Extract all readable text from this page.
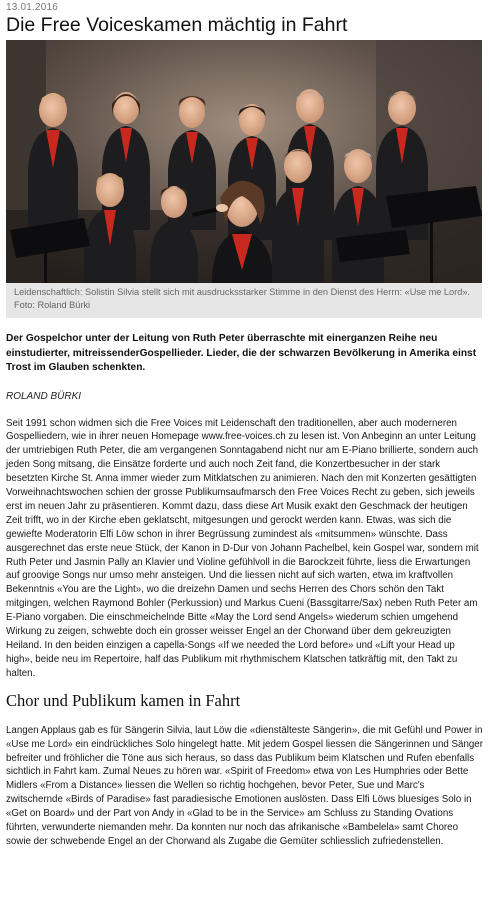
13.01.2016
Die Free Voiceskamen mächtig in Fahrt
Leidenschaftlich: Solistin Silvia stellt sich mit ausdrucksstarker Stimme in den Dienst des Herrn: «Use me Lord». Foto: Roland Bürki

Der Gospelchor unter der Leitung von Ruth Peter überraschte mit einerganzen Reihe neu einstudierter, mitreissenderGospellieder. Lieder, die der schwarzen Bevölkerung in Amerika einst Trost im Glauben schenkten.

ROLAND BÜRKI

Seit 1991 schon widmen sich die Free Voices mit Leidenschaft den traditionellen, aber auch moderneren Gospelliedern, wie in ihrer neuen Homepage www.free-voices.ch zu lesen ist. Von Anbeginn an unter Leitung der umtriebigen Ruth Peter, die am vergangenen Sonntagabend nicht nur am E-Piano brillierte, sondern auch jeden Song mitsang, die Einsätze forderte und auch noch Zeit fand, die Konzertbesucher in der stark besetzten Kirche St. Anna immer wieder zum Mitklatschen zu animieren. Nach den mit Konzerten gesättigten Vorweihnachtswochen schien der grosse Publikumsaufmarsch den Free Voices Recht zu geben, sich jeweils erst im neuen Jahr zu präsentieren. Kommt dazu, dass diese Art Musik exakt den Geschmack der heutigen Zeit trifft, wo in der Kirche eben geklatscht, mitgesungen und gerockt werden kann. Etwas, was sich die gewiefte Moderatorin Elfi Löw schon in ihrer Begrüssung zumindest als «mitsummen» wünschte. Dass ausgerechnet das erste neue Stück, der Kanon in D-Dur von Johann Pachelbel, kein Gospel war, sondern mit Ruth Peter und Jasmin Pally an Klavier und Violine gefühlvoll in die Barockzeit führte, liess die Erwartungen auf groovige Songs nur umso mehr ansteigen. Und die liessen nicht auf sich warten, etwa im kraftvollen Bekenntnis «You are the Light», wo die dreizehn Damen und sechs Herren des Chors schön den Takt mitgingen, welchen Raymond Bohler (Perkussion) und Markus Cueni (Bassgitarre/Sax) neben Ruth Peter am E-Piano vorgaben. Die einschmeichelnde Bitte «May the Lord send Angels» wiederum schien umgehend Wirkung zu zeigen, schwebte doch ein grosser weisser Engel an der Chorwand über dem gekreuzigten Heiland. In den beiden einzigen a capella-Songs «If we needed the Lord before» und «Lift your Head up high», beide neu im Repertoire, half das Publikum mit rhythmischem Klatschen tatkräftig mit, den Takt zu halten.

Chor und Publikum kamen in Fahrt

Langen Applaus gab es für Sängerin Silvia, laut Löw die «dienstälteste Sängerin», die mit Gefühl und Power in «Use me Lord» ein eindrückliches Solo hingelegt hatte. Mit jedem Gospel liessen die Sängerinnen und Sänger befreiter und fröhlicher die Töne aus sich heraus, so dass das Publikum beim Klatschen und Rufen ebenfalls sichtlich in Fahrt kam. Zumal Neues zu hören war. «Spirit of Freedom» etwa von Les Humphries oder Bette Midlers «From a Distance» liessen die Wellen so richtig hochgehen, bevor Peter, Sue und Marc's zwitschernde «Birds of Paradise» fast paradiesische Emotionen auslösten. Dass Elfi Löws bluesiges Solo in «Get on Board» und der Part von Andy in «Glad to be in the Service» am Schluss zu Standing Ovations führten, verwunderte niemanden mehr. Da konnten nur noch das afrikanische «Bambelela» samt Choreo sowie der schwebende Engel an der Chorwand als Zugabe die Gemüter schliesslich zufriedenstellen.
